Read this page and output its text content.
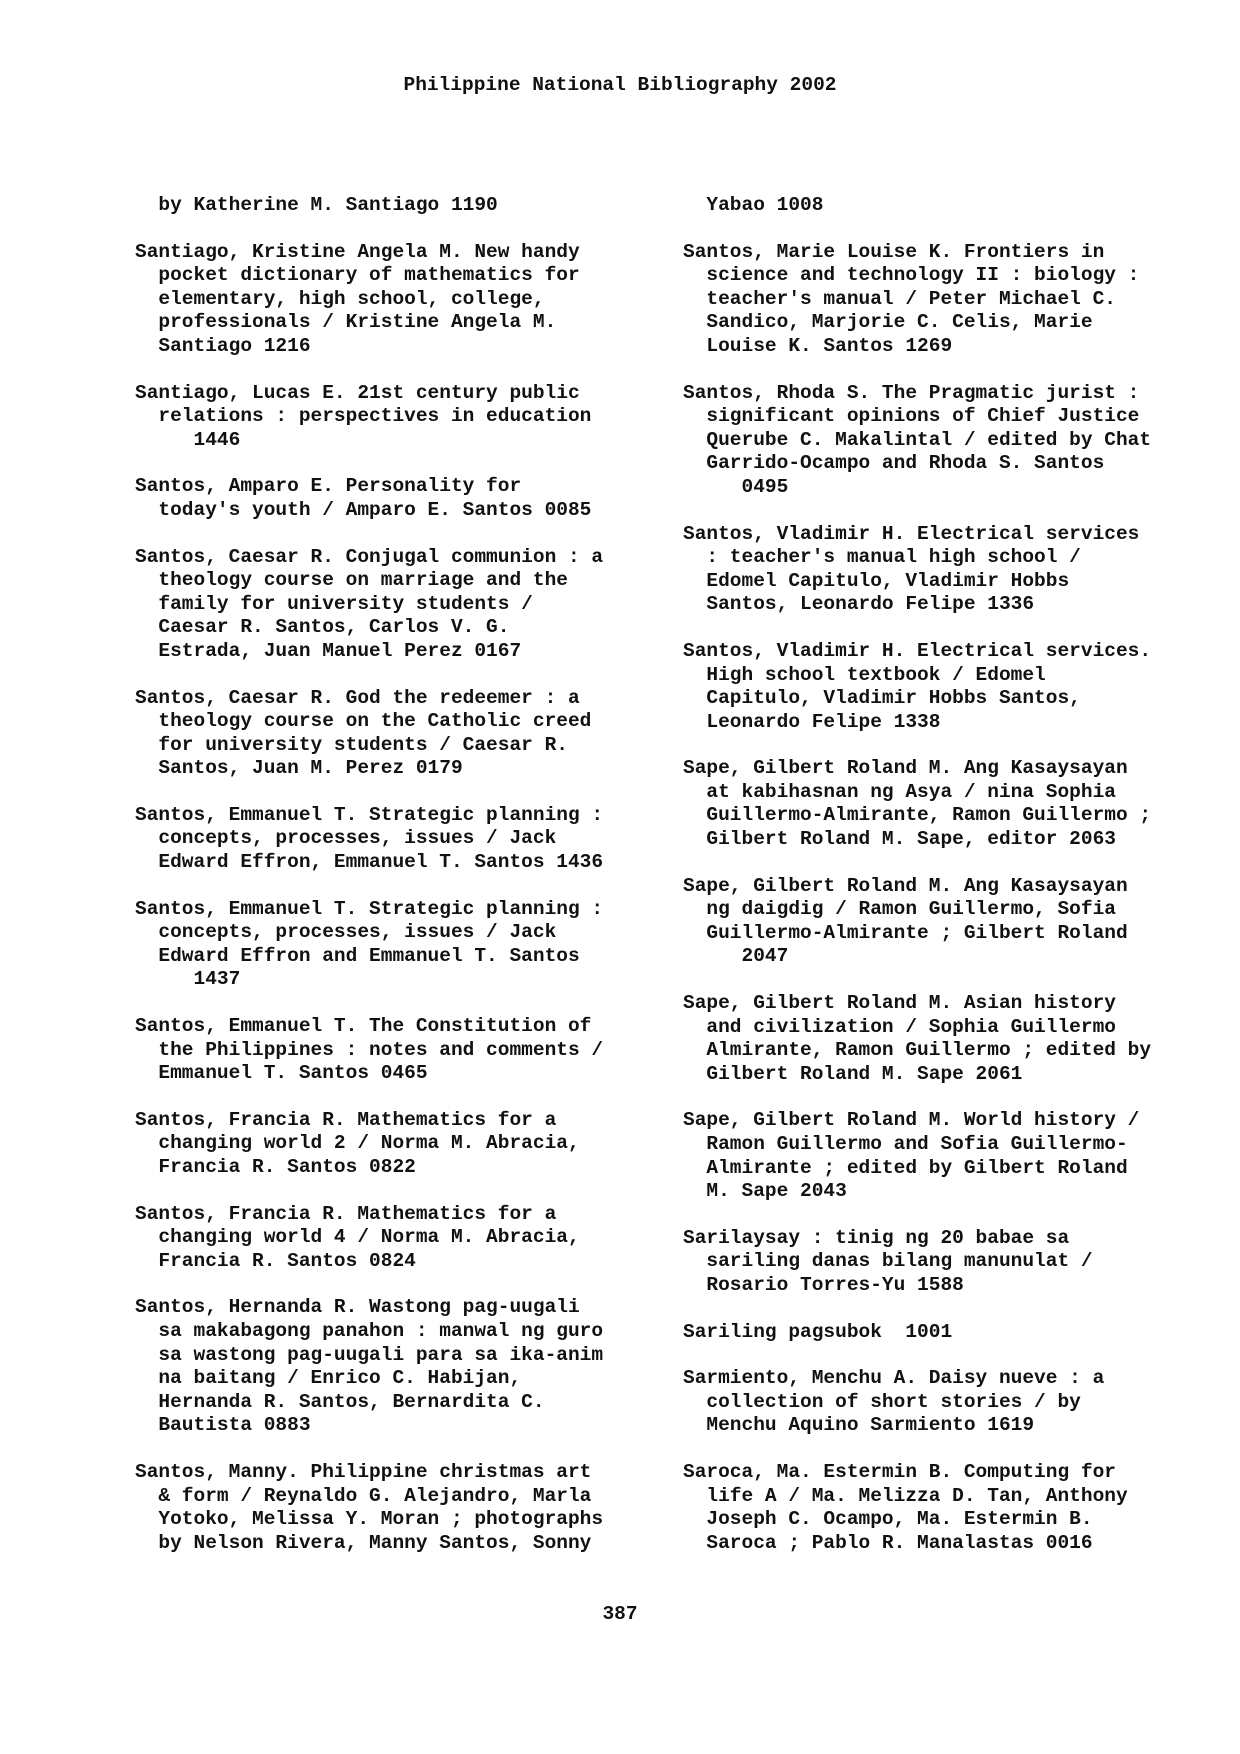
Philippine National Bibliography 2002
by Katherine M. Santiago 1190
Santiago, Kristine Angela M. New handy
pocket dictionary of mathematics for
elementary, high school, college,
professionals / Kristine Angela M.
Santiago 1216
Santiago, Lucas E. 21st century public
relations : perspectives in education
1446
Santos, Amparo E. Personality for
today's youth / Amparo E. Santos 0085
Santos, Caesar R. Conjugal communion : a
theology course on marriage and the
family for university students /
Caesar R. Santos, Carlos V. G.
Estrada, Juan Manuel Perez 0167
Santos, Caesar R. God the redeemer : a
theology course on the Catholic creed
for university students / Caesar R.
Santos, Juan M. Perez 0179
Santos, Emmanuel T. Strategic planning :
concepts, processes, issues / Jack
Edward Effron, Emmanuel T. Santos 1436
Santos, Emmanuel T. Strategic planning :
concepts, processes, issues / Jack
Edward Effron and Emmanuel T. Santos
1437
Santos, Emmanuel T. The Constitution of
the Philippines : notes and comments /
Emmanuel T. Santos 0465
Santos, Francia R. Mathematics for a
changing world 2 / Norma M. Abracia,
Francia R. Santos 0822
Santos, Francia R. Mathematics for a
changing world 4 / Norma M. Abracia,
Francia R. Santos 0824
Santos, Hernanda R. Wastong pag-uugali
sa makabagong panahon : manwal ng guro
sa wastong pag-uugali para sa ika-anim
na baitang / Enrico C. Habijan,
Hernanda R. Santos, Bernardita C.
Bautista 0883
Santos, Manny. Philippine christmas art
& form / Reynaldo G. Alejandro, Marla
Yotoko, Melissa Y. Moran ; photographs
by Nelson Rivera, Manny Santos, Sonny
Yabao 1008
Santos, Marie Louise K. Frontiers in
science and technology II : biology :
teacher's manual / Peter Michael C.
Sandico, Marjorie C. Celis, Marie
Louise K. Santos 1269
Santos, Rhoda S. The Pragmatic jurist :
significant opinions of Chief Justice
Querube C. Makalintal / edited by Chat
Garrido-Ocampo and Rhoda S. Santos
0495
Santos, Vladimir H. Electrical services
: teacher's manual high school /
Edomel Capitulo, Vladimir Hobbs
Santos, Leonardo Felipe 1336
Santos, Vladimir H. Electrical services.
High school textbook / Edomel
Capitulo, Vladimir Hobbs Santos,
Leonardo Felipe 1338
Sape, Gilbert Roland M. Ang Kasaysayan
at kabihasnan ng Asya / nina Sophia
Guillermo-Almirante, Ramon Guillermo ;
Gilbert Roland M. Sape, editor 2063
Sape, Gilbert Roland M. Ang Kasaysayan
ng daigdig / Ramon Guillermo, Sofia
Guillermo-Almirante ; Gilbert Roland
2047
Sape, Gilbert Roland M. Asian history
and civilization / Sophia Guillermo
Almirante, Ramon Guillermo ; edited by
Gilbert Roland M. Sape 2061
Sape, Gilbert Roland M. World history /
Ramon Guillermo and Sofia Guillermo-
Almirante ; edited by Gilbert Roland
M. Sape 2043
Sarilaysay : tinig ng 20 babae sa
sariling danas bilang manunulat /
Rosario Torres-Yu 1588
Sariling pagsubok  1001
Sarmiento, Menchu A. Daisy nueve : a
collection of short stories / by
Menchu Aquino Sarmiento 1619
Saroca, Ma. Estermin B. Computing for
life A / Ma. Melizza D. Tan, Anthony
Joseph C. Ocampo, Ma. Estermin B.
Saroca ; Pablo R. Manalastas 0016
387
